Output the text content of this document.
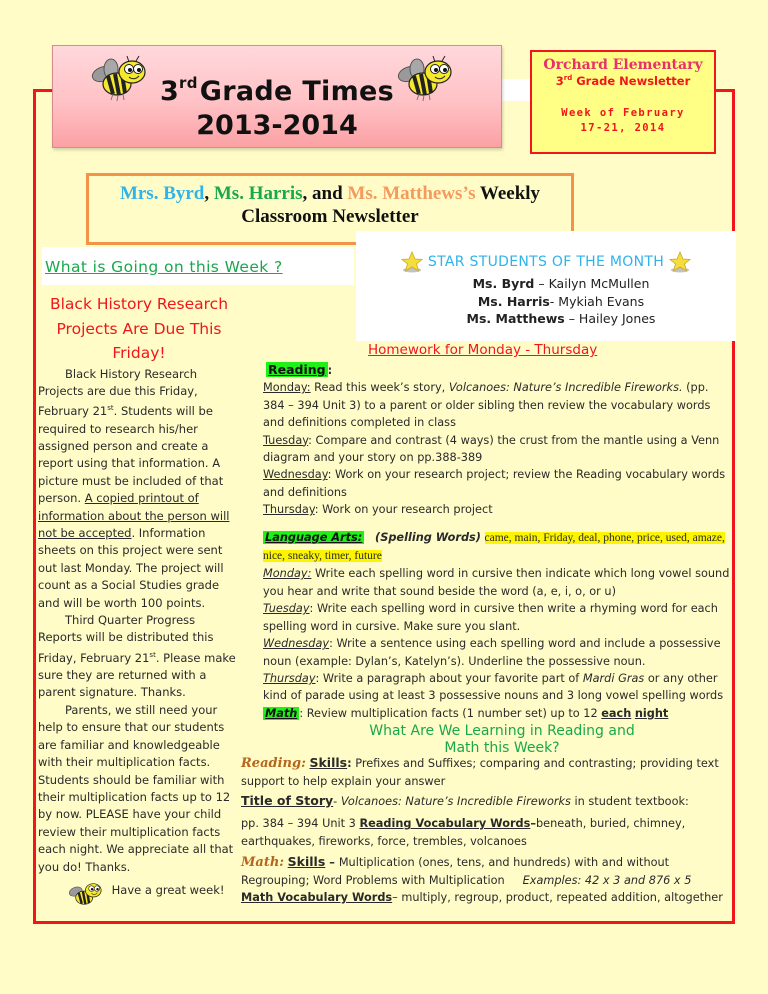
3rdGrade Times
2013-2014
Orchard Elementary
3rd Grade Newsletter
Week of February
17-21, 2014
Mrs. Byrd, Ms. Harris, and Ms. Matthews’s Weekly Classroom Newsletter
What is Going on this Week ?	STAR STUDENTS OF THE MONTH
Ms. Byrd – Kailyn McMullen
Ms. Harris- Mykiah Evans
Ms. Matthews – Hailey Jones
Black History Research Projects Are Due This Friday!

Black History Research Projects are due this Friday, February 21st. Students will be required to research his/her assigned person and create a report using that information. A picture must be included of that person. A copied printout of information about the person will not be accepted. Information sheets on this project were sent out last Monday. The project will count as a Social Studies grade and will be worth 100 points.

Third Quarter Progress Reports will be distributed this Friday, February 21st. Please make sure they are returned with a parent signature. Thanks.

Parents, we still need your help to ensure that our students are familiar and knowledgeable with their multiplication facts. Students should be familiar with their multiplication facts up to 12 by now. PLEASE have your child review their multiplication facts each night. We appreciate all that you do! Thanks.

Have a great week!
Homework for Monday - Thursday
Reading :
Monday: Read this week’s story, Volcanoes: Nature’s Incredible Fireworks. (pp. 384 – 394 Unit 3) to a parent or older sibling then review the vocabulary words and definitions completed in class
Tuesday: Compare and contrast (4 ways) the crust from the mantle using a Venn diagram and your story on pp.388-389
Wednesday: Work on your research project; review the Reading vocabulary words and definitions
Thursday: Work on your research project
Language Arts: (Spelling Words) came, main, Friday, deal, phone, price, used, amaze, nice, sneaky, timer, future
Monday: Write each spelling word in cursive then indicate which long vowel sound you hear and write that sound beside the word (a, e, i, o, or u)
Tuesday: Write each spelling word in cursive then write a rhyming word for each spelling word in cursive. Make sure you slant.
Wednesday: Write a sentence using each spelling word and include a possessive noun (example: Dylan’s, Katelyn’s). Underline the possessive noun.
Thursday: Write a paragraph about your favorite part of Mardi Gras or any other kind of parade using at least 3 possessive nouns and 3 long vowel spelling words
Math : Review multiplication facts (1 number set) up to 12 each night
What Are We Learning in Reading and
Math this Week?
Reading: Skills: Prefixes and Suffixes; comparing and contrasting; providing text support to help explain your answer
Title of Story- Volcanoes: Nature’s Incredible Fireworks in student textbook:
pp. 384 – 394 Unit 3 Reading Vocabulary Words–beneath, buried, chimney, earthquakes, fireworks, force, trembles, volcanoes
Math: Skills – Multiplication (ones, tens, and hundreds) with and without Regrouping; Word Problems with Multiplication Examples: 42 x 3 and 876 x 5
Math Vocabulary Words– multiply, regroup, product, repeated addition, altogether
